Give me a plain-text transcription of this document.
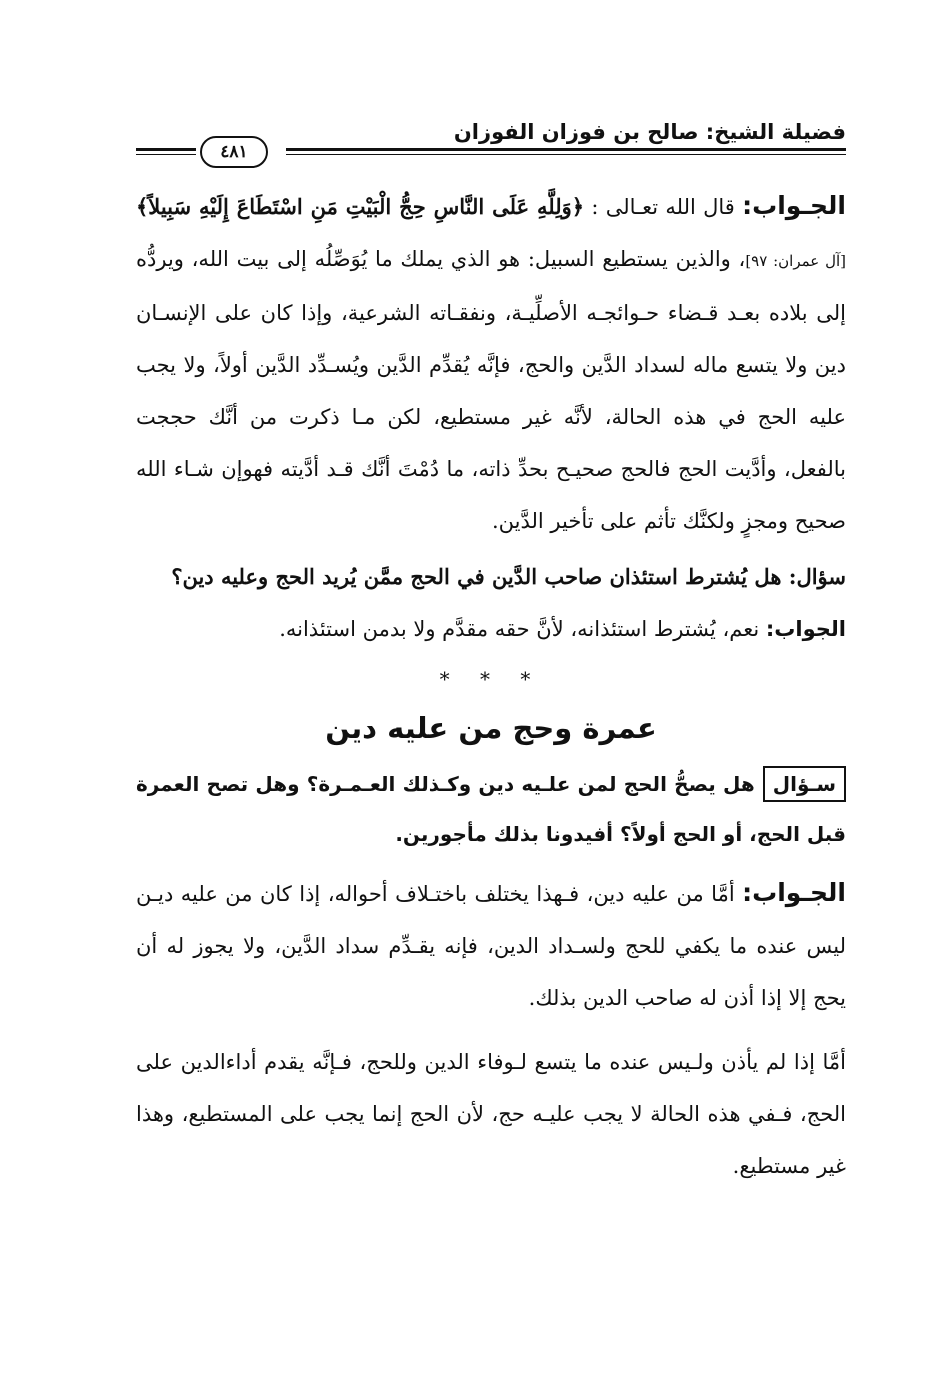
فضيلة الشيخ: صالح بن فوزان الفوزان
٤٨١

الجـواب: قال الله تعـالى : ﴿وَلِلَّهِ عَلَى النَّاسِ حِجُّ الْبَيْتِ مَنِ اسْتَطَاعَ إِلَيْهِ سَبِيلاً﴾ [آل عمران: ٩٧]، والذين يستطيع السبيل: هو الذي يملك ما يُوَصِّلُه إلى بيت الله، ويردُّه إلى بلاده بعـد قـضاء حـوائجـه الأصلِّيـة، ونفقـاته الشرعية، وإذا كان على الإنسـان دين ولا يتسع ماله لسداد الدَّين والحج، فإنَّه يُقدِّم الدَّين ويُسـدِّد الدَّين أولاً، ولا يجب عليه الحج في هذه الحالة، لأنَّه غير مستطيع، لكن مـا ذكرت من أنَّك حججت بالفعل، وأدَّيت الحج فالحج صحيـح بحدِّ ذاته، ما دُمْتَ أنَّك قـد أدَّيته فهوإن شـاء الله صحيح ومجزٍ ولكنَّك تأثم على تأخير الدَّين.

سؤال: هل يُشترط استئذان صاحب الدَّين في الحج ممَّن يُريد الحج وعليه دين؟

الجواب: نعم، يُشترط استئذانه، لأنَّ حقه مقدَّم ولا بدمن استئذانه.

* * *

عمرة وحج من عليه دين

سـؤالهل يصحُّ الحج لمن علـيه دين وكـذلك العـمـرة؟ وهل تصح العمرة قبل الحج، أو الحج أولاً؟ أفيدونا بذلك مأجورين.

الجـواب: أمَّا من عليه دين، فـهذا يختلف باختـلاف أحواله، إذا كان من عليه ديـن ليس عنده ما يكفي للحج ولسـداد الدين، فإنه يقـدِّم سداد الدَّين، ولا يجوز له أن يحج إلا إذا أذن له صاحب الدين بذلك.

أمَّا إذا لم يأذن ولـيس عنده ما يتسع لـوفاء الدين وللحج، فـإنَّه يقدم أداءالدين على الحج، فـفي هذه الحالة لا يجب عليـه حج، لأن الحج إنما يجب على المستطيع، وهذا غير مستطيع.
